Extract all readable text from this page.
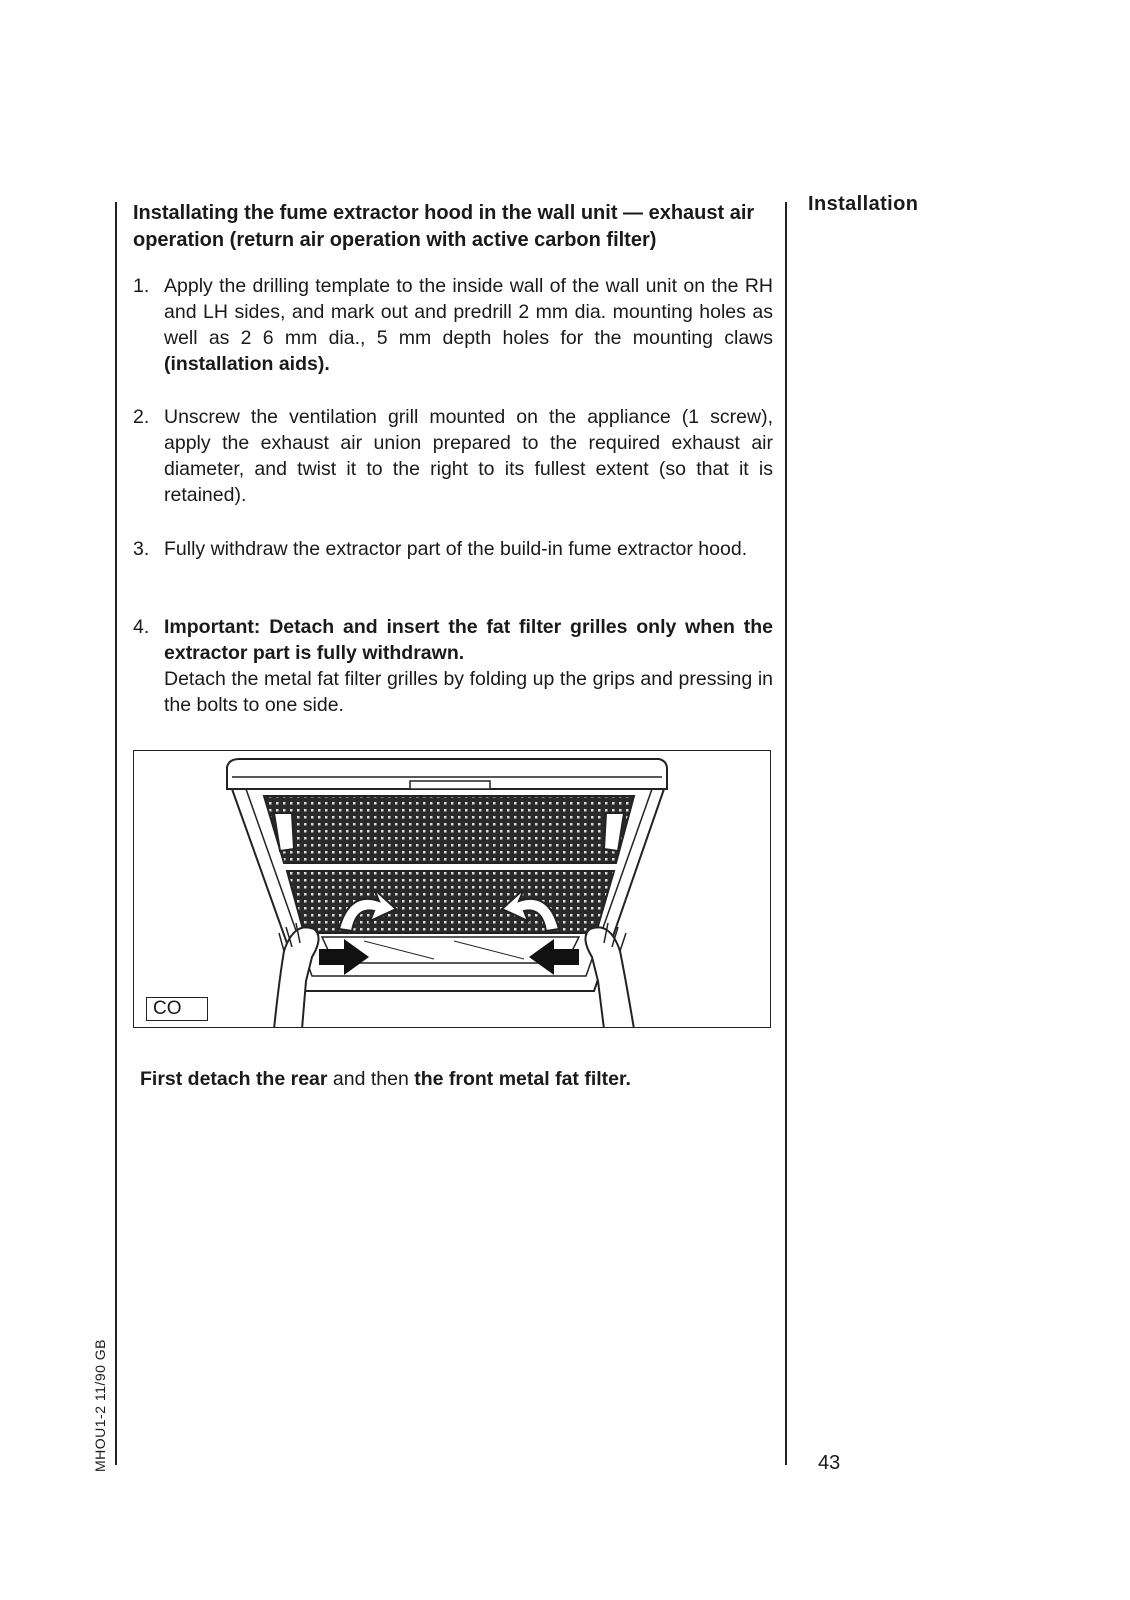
Installation
Installating the fume extractor hood in the wall unit — exhaust air operation (return air operation with active carbon filter)
1. Apply the drilling template to the inside wall of the wall unit on the RH and LH sides, and mark out and predrill 2 mm dia. mounting holes as well as 2 6 mm dia., 5 mm depth holes for the mounting claws (installation aids).
2. Unscrew the ventilation grill mounted on the appliance (1 screw), apply the exhaust air union prepared to the required exhaust air diameter, and twist it to the right to its fullest extent (so that it is retained).
3. Fully withdraw the extractor part of the build-in fume extractor hood.
4. Important: Detach and insert the fat filter grilles only when the extractor part is fully withdrawn.
Detach the metal fat filter grilles by folding up the grips and pressing in the bolts to one side.
CO
First detach the rear and then the front metal fat filter.
MHOU1-2 11/90 GB	43
